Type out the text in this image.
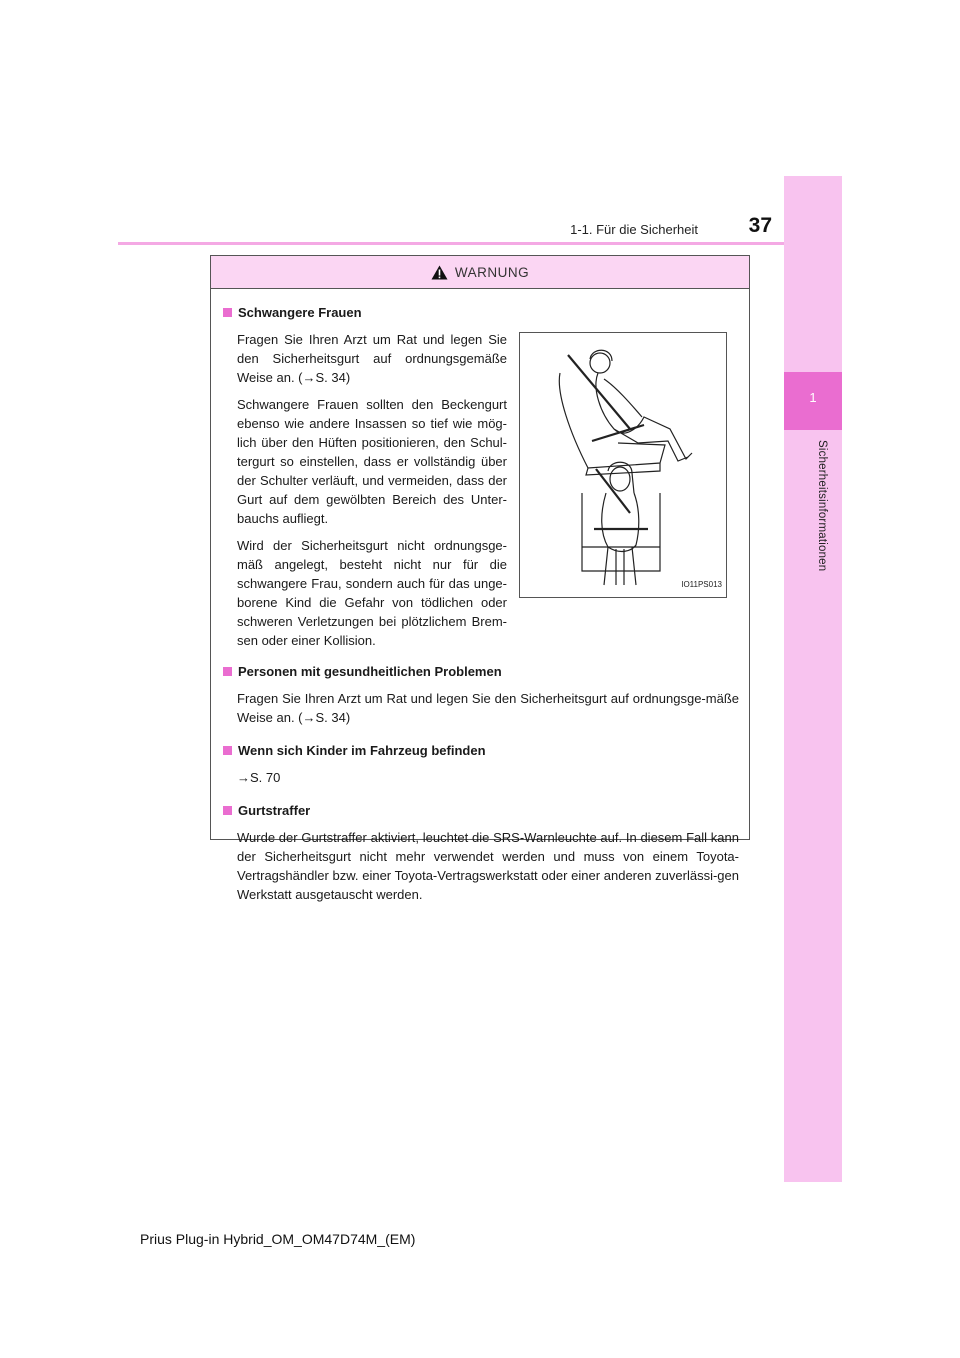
1
Sicherheitsinformationen
1-1. Für die Sicherheit 37
WARNUNG
Schwangere Frauen

Fragen Sie Ihren Arzt um Rat und legen Sie den Sicherheitsgurt auf ordnungsgemäße Weise an. (→S. 34)

Schwangere Frauen sollten den Beckengurt ebenso wie andere Insassen so tief wie mög-lich über den Hüften positionieren, den Schul-tergurt so einstellen, dass er vollständig über der Schulter verläuft, und vermeiden, dass der Gurt auf dem gewölbten Bereich des Unter-bauchs aufliegt.

Wird der Sicherheitsgurt nicht ordnungsge-mäß angelegt, besteht nicht nur für die schwangere Frau, sondern auch für das unge-borene Kind die Gefahr von tödlichen oder schweren Verletzungen bei plötzlichem Brem-sen oder einer Kollision.

IO11PS013
Personen mit gesundheitlichen Problemen

Fragen Sie Ihren Arzt um Rat und legen Sie den Sicherheitsgurt auf ordnungsge-mäße Weise an. (→S. 34)

Wenn sich Kinder im Fahrzeug befinden

→S. 70

Gurtstraffer

Wurde der Gurtstraffer aktiviert, leuchtet die SRS-Warnleuchte auf. In diesem Fall kann der Sicherheitsgurt nicht mehr verwendet werden und muss von einem Toyota-Vertragshändler bzw. einer Toyota-Vertragswerkstatt oder einer anderen zuverlässi-gen Werkstatt ausgetauscht werden.

Prius Plug-in Hybrid_OM_OM47D74M_(EM)
